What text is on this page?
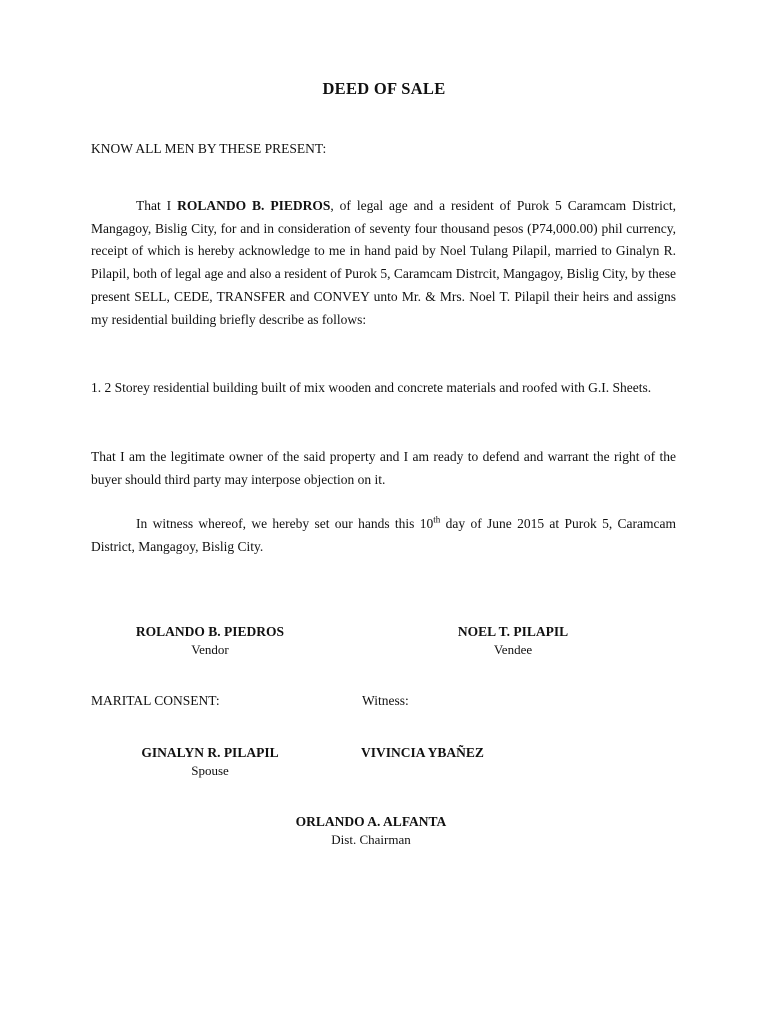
DEED OF SALE
KNOW ALL MEN BY THESE PRESENT:
That I ROLANDO B. PIEDROS, of legal age and a resident of Purok 5 Caramcam District, Mangagoy, Bislig City, for and in consideration of seventy four thousand pesos (P74,000.00) phil currency, receipt of which is hereby acknowledge to me in hand paid by Noel Tulang Pilapil, married to Ginalyn R. Pilapil, both of legal age and also a resident of Purok 5, Caramcam Distrcit, Mangagoy, Bislig City, by these present SELL, CEDE, TRANSFER and CONVEY unto Mr. & Mrs. Noel T. Pilapil their heirs and assigns my residential building briefly describe as follows:
1. 2 Storey residential building built of mix wooden and concrete materials and roofed with G.I. Sheets.
That I am the legitimate owner of the said property and I am ready to defend and warrant the right of the buyer should third party may interpose objection on it.
In witness whereof, we hereby set our hands this 10th day of June 2015 at Purok 5, Caramcam District, Mangagoy, Bislig City.
ROLANDO B. PIEDROS
Vendor
NOEL T. PILAPIL
Vendee
MARITAL CONSENT:	Witness:
GINALYN R. PILAPIL
Spouse
VIVINCIA YBAÑEZ
ORLANDO A. ALFANTA
Dist. Chairman
